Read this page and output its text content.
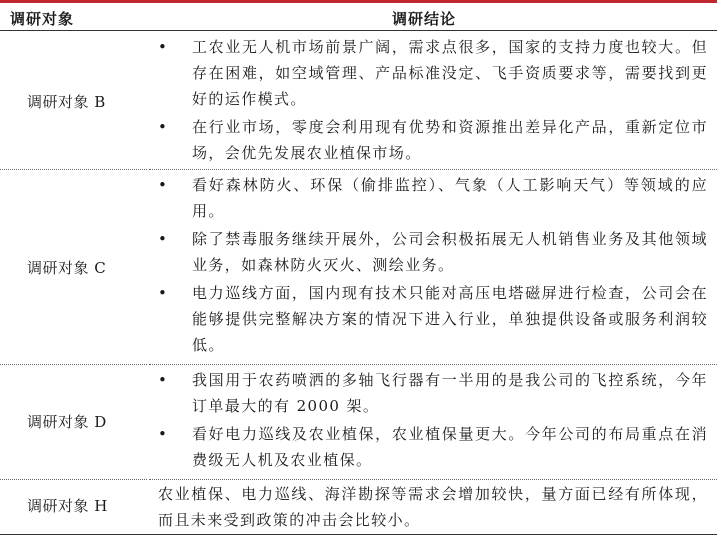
调研对象	调研结论
调研对象 B
• 工农业无人机市场前景广阔，需求点很多，国家的支持力度也较大。但存在困难，如空域管理、产品标准没定、飞手资质要求等，需要找到更好的运作模式。
• 在行业市场，零度会利用现有优势和资源推出差异化产品，重新定位市场，会优先发展农业植保市场。
调研对象 C
• 看好森林防火、环保（偷排监控）、气象（人工影响天气）等领域的应用。
• 除了禁毒服务继续开展外，公司会积极拓展无人机销售业务及其他领域业务，如森林防火灭火、测绘业务。
• 电力巡线方面，国内现有技术只能对高压电塔磁屏进行检查，公司会在能够提供完整解决方案的情况下进入行业，单独提供设备或服务利润较低。
调研对象 D
• 我国用于农药喷洒的多轴飞行器有一半用的是我公司的飞控系统，今年订单最大的有 2000 架。
• 看好电力巡线及农业植保，农业植保量更大。今年公司的布局重点在消费级无人机及农业植保。
调研对象 H
农业植保、电力巡线、海洋勘探等需求会增加较快，量方面已经有所体现，而且未来受到政策的冲击会比较小。
